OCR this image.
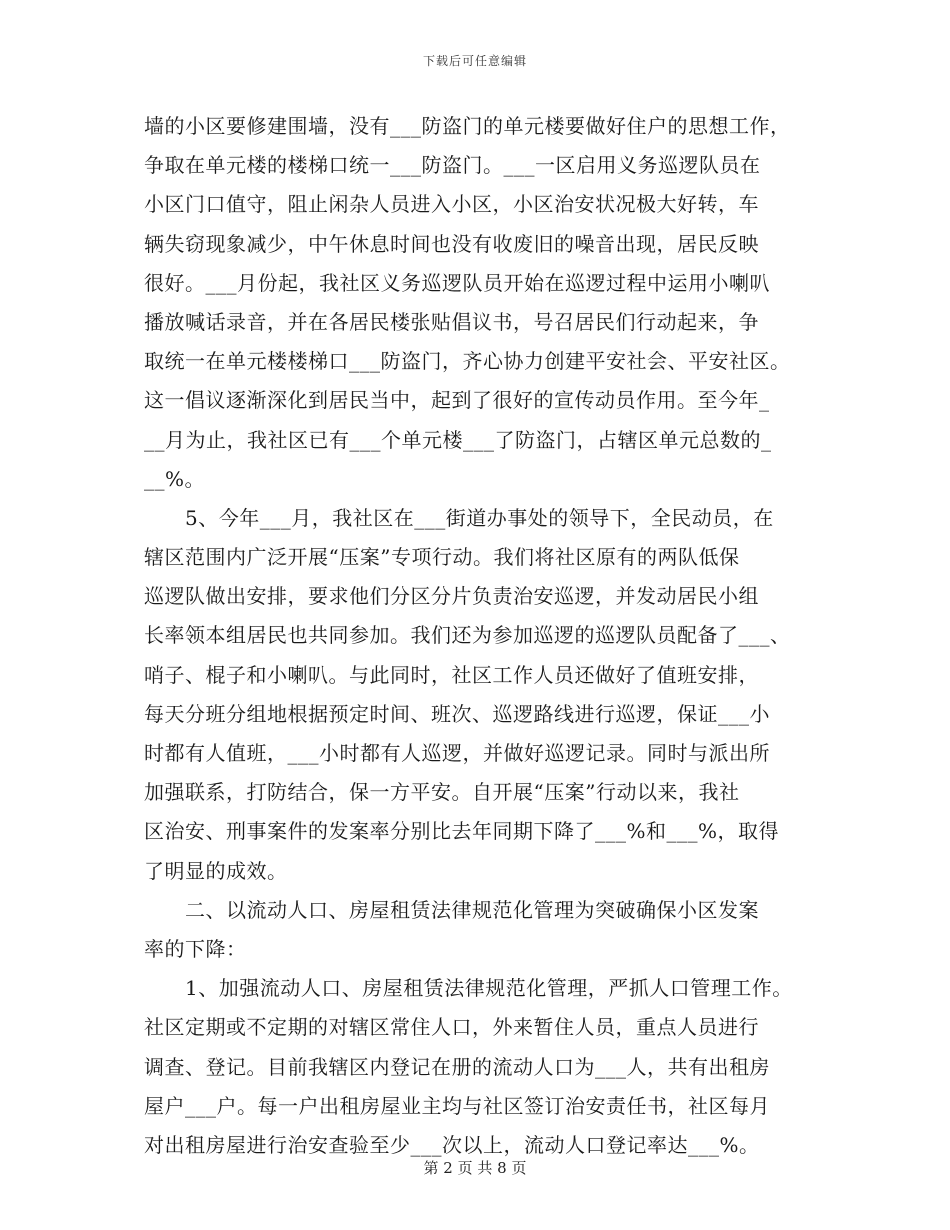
下载后可任意编辑
墙的小区要修建围墙，没有___防盗门的单元楼要做好住户的思想工作，
争取在单元楼的楼梯口统一___防盗门。___一区启用义务巡逻队员在
小区门口值守，阻止闲杂人员进入小区，小区治安状况极大好转，车
辆失窃现象减少，中午休息时间也没有收废旧的噪音出现，居民反映
很好。___月份起，我社区义务巡逻队员开始在巡逻过程中运用小喇叭
播放喊话录音，并在各居民楼张贴倡议书，号召居民们行动起来，争
取统一在单元楼楼梯口___防盗门，齐心协力创建平安社会、平安社区。
这一倡议逐渐深化到居民当中，起到了很好的宣传动员作用。至今年_
__月为止，我社区已有___个单元楼___了防盗门，占辖区单元总数的_
__%。
5、今年___月，我社区在___街道办事处的领导下，全民动员，在
辖区范围内广泛开展“压案”专项行动。我们将社区原有的两队低保
巡逻队做出安排，要求他们分区分片负责治安巡逻，并发动居民小组
长率领本组居民也共同参加。我们还为参加巡逻的巡逻队员配备了___、
哨子、棍子和小喇叭。与此同时，社区工作人员还做好了值班安排，
每天分班分组地根据预定时间、班次、巡逻路线进行巡逻，保证___小
时都有人值班，___小时都有人巡逻，并做好巡逻记录。同时与派出所
加强联系，打防结合，保一方平安。自开展“压案”行动以来，我社
区治安、刑事案件的发案率分别比去年同期下降了___%和___%，取得
了明显的成效。
二、以流动人口、房屋租赁法律规范化管理为突破确保小区发案
率的下降：
1、加强流动人口、房屋租赁法律规范化管理，严抓人口管理工作。
社区定期或不定期的对辖区常住人口，外来暂住人员，重点人员进行
调查、登记。目前我辖区内登记在册的流动人口为___人，共有出租房
屋户___户。每一户出租房屋业主均与社区签订治安责任书，社区每月
对出租房屋进行治安查验至少___次以上，流动人口登记率达___%。
第 2 页 共 8 页
